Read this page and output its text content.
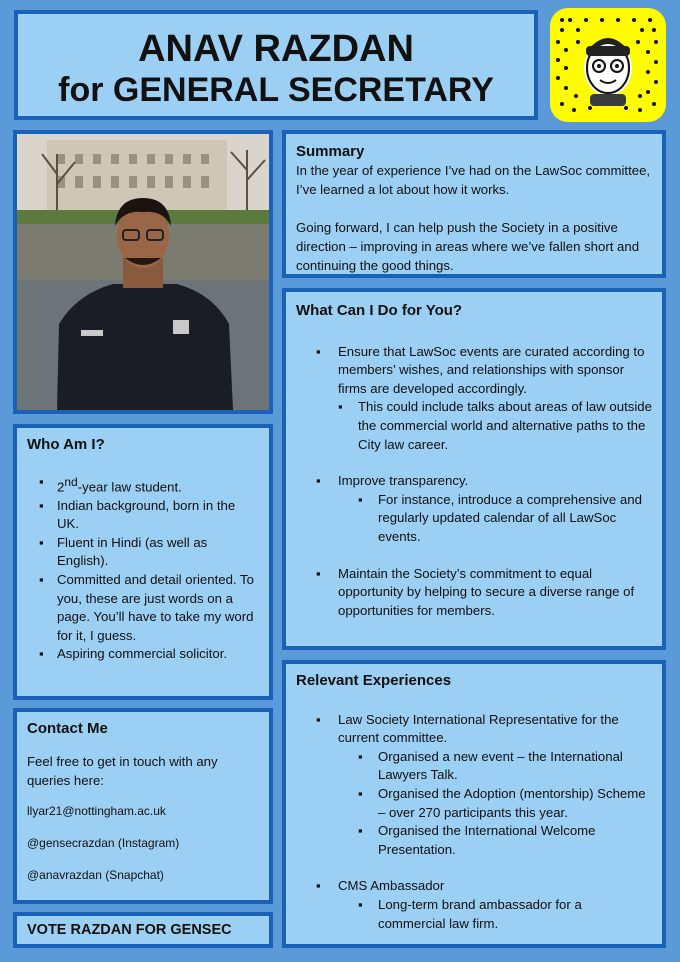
ANAV RAZDAN
for GENERAL SECRETARY
Summary

In the year of experience I’ve had on the LawSoc committee, I’ve learned a lot about how it works.

Going forward, I can help push the Society in a positive direction – improving in areas where we’ve fallen short and continuing the good things.

What Can I Do for You?
▪ Ensure that LawSoc events are curated according to members’ wishes, and relationships with sponsor firms are developed accordingly.
▪ This could include talks about areas of law outside the commercial world and alternative paths to the City law career.
▪ Improve transparency.
▪ For instance, introduce a comprehensive and regularly updated calendar of all LawSoc events.
▪ Maintain the Society’s commitment to equal opportunity by helping to secure a diverse range of opportunities for members.
Who Am I?
▪ 2nd-year law student.
▪ Indian background, born in the UK.
▪ Fluent in Hindi (as well as English).
▪ Committed and detail oriented. To you, these are just words on a page. You’ll have to take my word for it, I guess.
▪ Aspiring commercial solicitor.
Contact Me
Feel free to get in touch with any queries here:
llyar21@nottingham.ac.uk
@gensecrazdan (Instagram)
@anavrazdan (Snapchat)
Relevant Experiences
▪ Law Society International Representative for the current committee.
▪ Organised a new event – the International Lawyers Talk.
▪ Organised the Adoption (mentorship) Scheme – over 270 participants this year.
▪ Organised the International Welcome Presentation.
▪ CMS Ambassador
▪ Long-term brand ambassador for a commercial law firm.
VOTE RAZDAN FOR GENSEC
